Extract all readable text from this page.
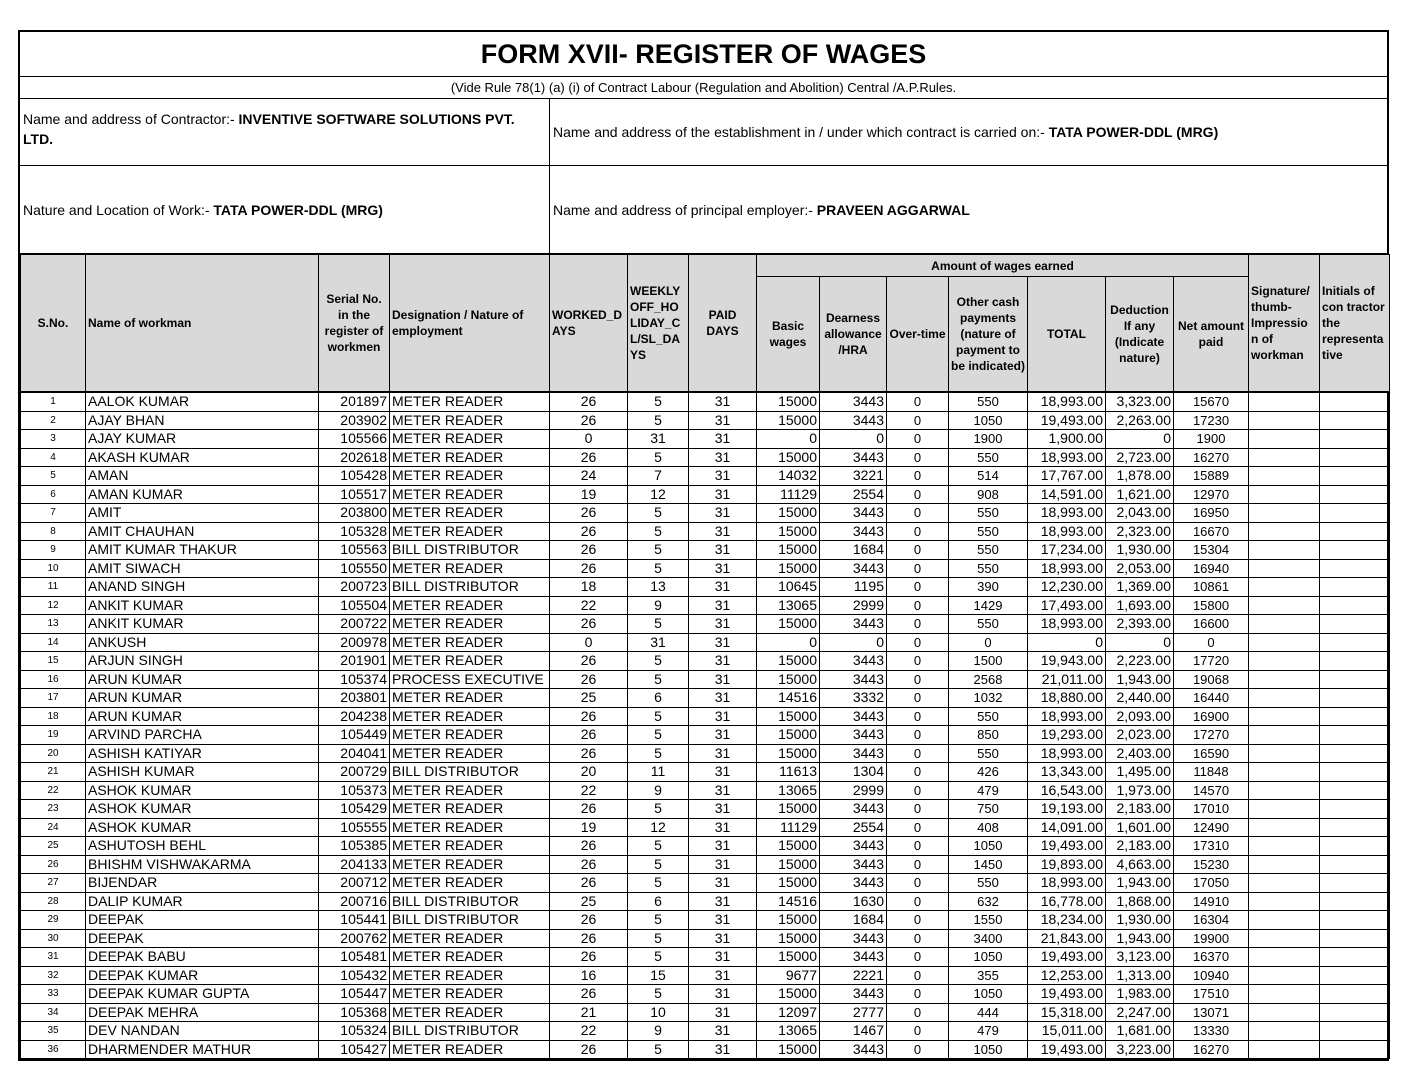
FORM XVII- REGISTER OF WAGES
(Vide Rule 78(1) (a) (i) of Contract Labour (Regulation and Abolition) Central /A.P.Rules.
Name and address of Contractor:- INVENTIVE SOFTWARE SOLUTIONS PVT. LTD.	Name and address of the establishment in / under which contract is carried on:- TATA POWER-DDL (MRG)
Nature and Location of Work:- TATA POWER-DDL (MRG)	Name and address of principal employer:- PRAVEEN AGGARWAL
S.No.	Name of workman	Serial No. in the register of workmen	Designation / Nature of employment	WORKED_D AYS	WEEKLY OFF_HO LIDAY_C L/SL_DA YS	PAID DAYS	Amount of wages earned							Signature/ thumb- Impressio n of workman	Initials of con tractor the representa tive
							Basic wages	Dearness allowance /HRA	Over-time	Other cash payments (nature of payment to be indicated)	TOTAL	Deduction If any (Indicate nature)	Net amount paid		
1	AALOK KUMAR	201897	METER READER	26	5	31	15000	3443	0	550	18,993.00	3,323.00	15670		
2	AJAY BHAN	203902	METER READER	26	5	31	15000	3443	0	1050	19,493.00	2,263.00	17230		
3	AJAY KUMAR	105566	METER READER	0	31	31	0	0	0	1900	1,900.00	0	1900		
4	AKASH KUMAR	202618	METER READER	26	5	31	15000	3443	0	550	18,993.00	2,723.00	16270		
5	AMAN	105428	METER READER	24	7	31	14032	3221	0	514	17,767.00	1,878.00	15889		
6	AMAN KUMAR	105517	METER READER	19	12	31	11129	2554	0	908	14,591.00	1,621.00	12970		
7	AMIT	203800	METER READER	26	5	31	15000	3443	0	550	18,993.00	2,043.00	16950		
8	AMIT CHAUHAN	105328	METER READER	26	5	31	15000	3443	0	550	18,993.00	2,323.00	16670		
9	AMIT KUMAR THAKUR	105563	BILL DISTRIBUTOR	26	5	31	15000	1684	0	550	17,234.00	1,930.00	15304		
10	AMIT SIWACH	105550	METER READER	26	5	31	15000	3443	0	550	18,993.00	2,053.00	16940		
11	ANAND SINGH	200723	BILL DISTRIBUTOR	18	13	31	10645	1195	0	390	12,230.00	1,369.00	10861		
12	ANKIT KUMAR	105504	METER READER	22	9	31	13065	2999	0	1429	17,493.00	1,693.00	15800		
13	ANKIT KUMAR	200722	METER READER	26	5	31	15000	3443	0	550	18,993.00	2,393.00	16600		
14	ANKUSH	200978	METER READER	0	31	31	0	0	0	0	0	0	0		
15	ARJUN SINGH	201901	METER READER	26	5	31	15000	3443	0	1500	19,943.00	2,223.00	17720		
16	ARUN KUMAR	105374	PROCESS EXECUTIVE	26	5	31	15000	3443	0	2568	21,011.00	1,943.00	19068		
17	ARUN KUMAR	203801	METER READER	25	6	31	14516	3332	0	1032	18,880.00	2,440.00	16440		
18	ARUN KUMAR	204238	METER READER	26	5	31	15000	3443	0	550	18,993.00	2,093.00	16900		
19	ARVIND PARCHA	105449	METER READER	26	5	31	15000	3443	0	850	19,293.00	2,023.00	17270		
20	ASHISH KATIYAR	204041	METER READER	26	5	31	15000	3443	0	550	18,993.00	2,403.00	16590		
21	ASHISH KUMAR	200729	BILL DISTRIBUTOR	20	11	31	11613	1304	0	426	13,343.00	1,495.00	11848		
22	ASHOK KUMAR	105373	METER READER	22	9	31	13065	2999	0	479	16,543.00	1,973.00	14570		
23	ASHOK KUMAR	105429	METER READER	26	5	31	15000	3443	0	750	19,193.00	2,183.00	17010		
24	ASHOK KUMAR	105555	METER READER	19	12	31	11129	2554	0	408	14,091.00	1,601.00	12490		
25	ASHUTOSH BEHL	105385	METER READER	26	5	31	15000	3443	0	1050	19,493.00	2,183.00	17310		
26	BHISHM VISHWAKARMA	204133	METER READER	26	5	31	15000	3443	0	1450	19,893.00	4,663.00	15230		
27	BIJENDAR	200712	METER READER	26	5	31	15000	3443	0	550	18,993.00	1,943.00	17050		
28	DALIP KUMAR	200716	BILL DISTRIBUTOR	25	6	31	14516	1630	0	632	16,778.00	1,868.00	14910		
29	DEEPAK	105441	BILL DISTRIBUTOR	26	5	31	15000	1684	0	1550	18,234.00	1,930.00	16304		
30	DEEPAK	200762	METER READER	26	5	31	15000	3443	0	3400	21,843.00	1,943.00	19900		
31	DEEPAK BABU	105481	METER READER	26	5	31	15000	3443	0	1050	19,493.00	3,123.00	16370		
32	DEEPAK KUMAR	105432	METER READER	16	15	31	9677	2221	0	355	12,253.00	1,313.00	10940		
33	DEEPAK KUMAR GUPTA	105447	METER READER	26	5	31	15000	3443	0	1050	19,493.00	1,983.00	17510		
34	DEEPAK MEHRA	105368	METER READER	21	10	31	12097	2777	0	444	15,318.00	2,247.00	13071		
35	DEV NANDAN	105324	BILL DISTRIBUTOR	22	9	31	13065	1467	0	479	15,011.00	1,681.00	13330		
36	DHARMENDER MATHUR	105427	METER READER	26	5	31	15000	3443	0	1050	19,493.00	3,223.00	16270		
